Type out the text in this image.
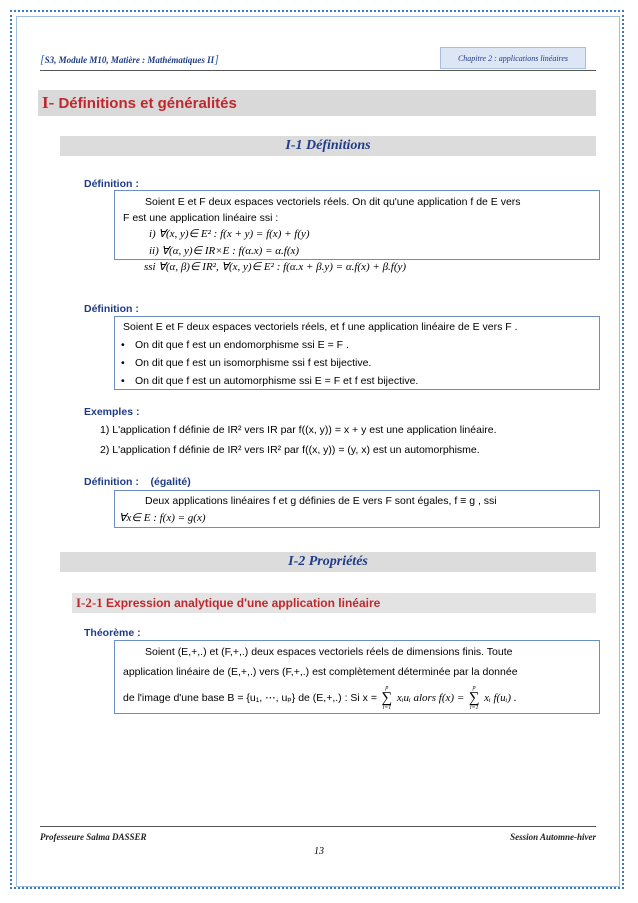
[S3, Module M10, Matière : Mathématiques II]	Chapitre 2 : applications linéaires
I- Définitions et généralités
I-1 Définitions
Définition :
Soient E et F deux espaces vectoriels réels. On dit qu'une application f de E vers
F est une application linéaire ssi :
i) ∀(x, y)∈ E² : f(x + y) = f(x) + f(y)
ii) ∀(α, y)∈ IR×E : f(α.x) = α.f(x)
ssi ∀(α, β)∈ IR², ∀(x, y)∈ E² : f(α.x + β.y) = α.f(x) + β.f(y)
Définition :
Soient E et F deux espaces vectoriels réels, et f une application linéaire de E vers F .
• On dit que f est un endomorphisme ssi E = F .
• On dit que f est un isomorphisme ssi f est bijective.
• On dit que f est un automorphisme ssi E = F et f est bijective.
Exemples :
1) L'application f définie de IR² vers IR par f((x, y)) = x + y est une application linéaire.
2) L'application f définie de IR² vers IR² par f((x, y)) = (y, x) est un automorphisme.
Définition : (égalité)
Deux applications linéaires f et g définies de E vers F sont égales, f ≡ g , ssi
∀x∈ E : f(x) = g(x)
I-2 Propriétés
I-2-1 Expression analytique d'une application linéaire
Théorème :
Soient (E,+,.) et (F,+,.) deux espaces vectoriels réels de dimensions finis. Toute
application linéaire de (E,+,.) vers (F,+,.) est complètement déterminée par la donnée
de l'image d'une base B = {u₁, ⋯, uₚ} de (E,+,.) : Si x =
p
∑
i=1
xᵢuᵢ alors f(x) =
p
∑
i=1
xᵢ f(uᵢ) .
Professeure Salma DASSER	Session Automne-hiver
13
